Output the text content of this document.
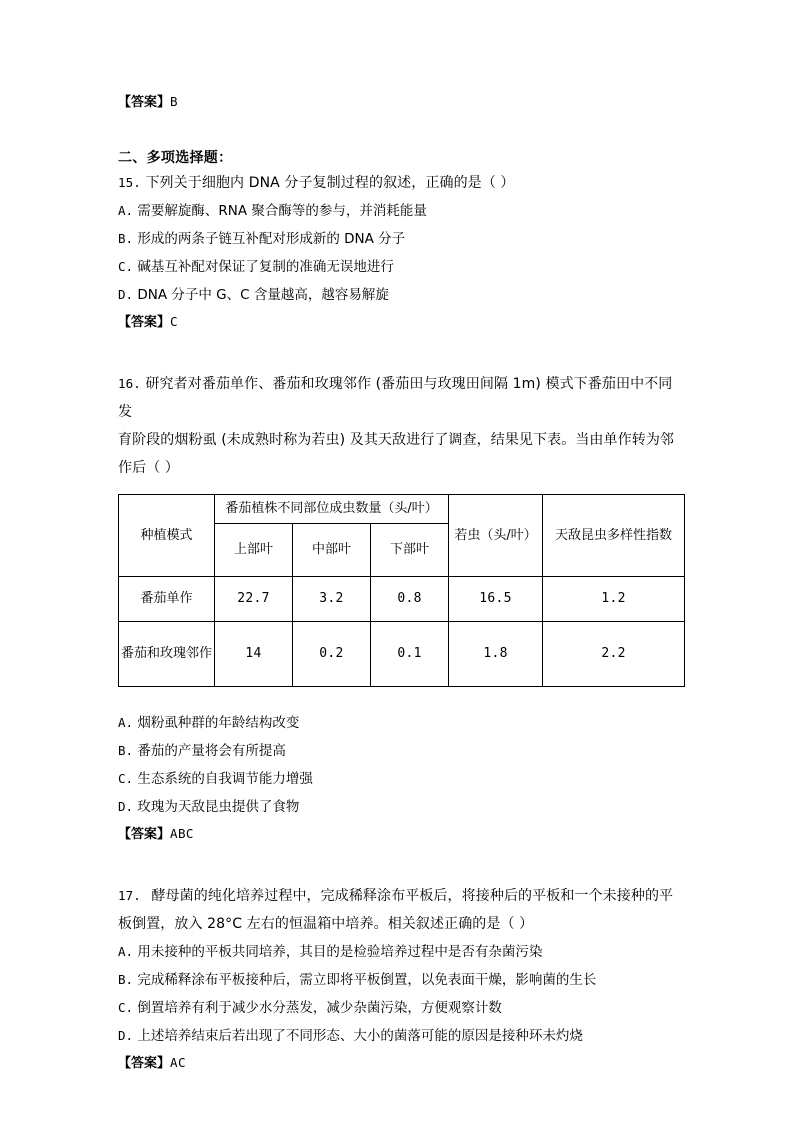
【答案】B
二、多项选择题：
15. 下列关于细胞内 DNA 分子复制过程的叙述，正确的是（ ）
A. 需要解旋酶、RNA 聚合酶等的参与，并消耗能量
B. 形成的两条子链互补配对形成新的 DNA 分子
C. 碱基互补配对保证了复制的准确无误地进行
D. DNA 分子中 G、C 含量越高，越容易解旋
【答案】C
16. 研究者对番茄单作、番茄和玫瑰邻作 (番茄田与玫瑰田间隔 1m) 模式下番茄田中不同发
育阶段的烟粉虱 (未成熟时称为若虫) 及其天敌进行了调查，结果见下表。当由单作转为邻
作后（ ）
种植模式	番茄植株不同部位成虫数量（头/叶）			若虫（头/叶）	天敌昆虫多样性指数
	上部叶	中部叶	下部叶		
番茄单作	22.7	3.2	0.8	16.5	1.2
番茄和玫瑰邻作	14	0.2	0.1	1.8	2.2
A. 烟粉虱种群的年龄结构改变
B. 番茄的产量将会有所提高
C. 生态系统的自我调节能力增强
D. 玫瑰为天敌昆虫提供了食物
【答案】ABC
17. 酵母菌的纯化培养过程中，完成稀释涂布平板后，将接种后的平板和一个未接种的平
板倒置，放入 28°C 左右的恒温箱中培养。相关叙述正确的是（ ）
A. 用未接种的平板共同培养，其目的是检验培养过程中是否有杂菌污染
B. 完成稀释涂布平板接种后，需立即将平板倒置，以免表面干燥，影响菌的生长
C. 倒置培养有利于减少水分蒸发，减少杂菌污染，方便观察计数
D. 上述培养结束后若出现了不同形态、大小的菌落可能的原因是接种环未灼烧
【答案】AC
